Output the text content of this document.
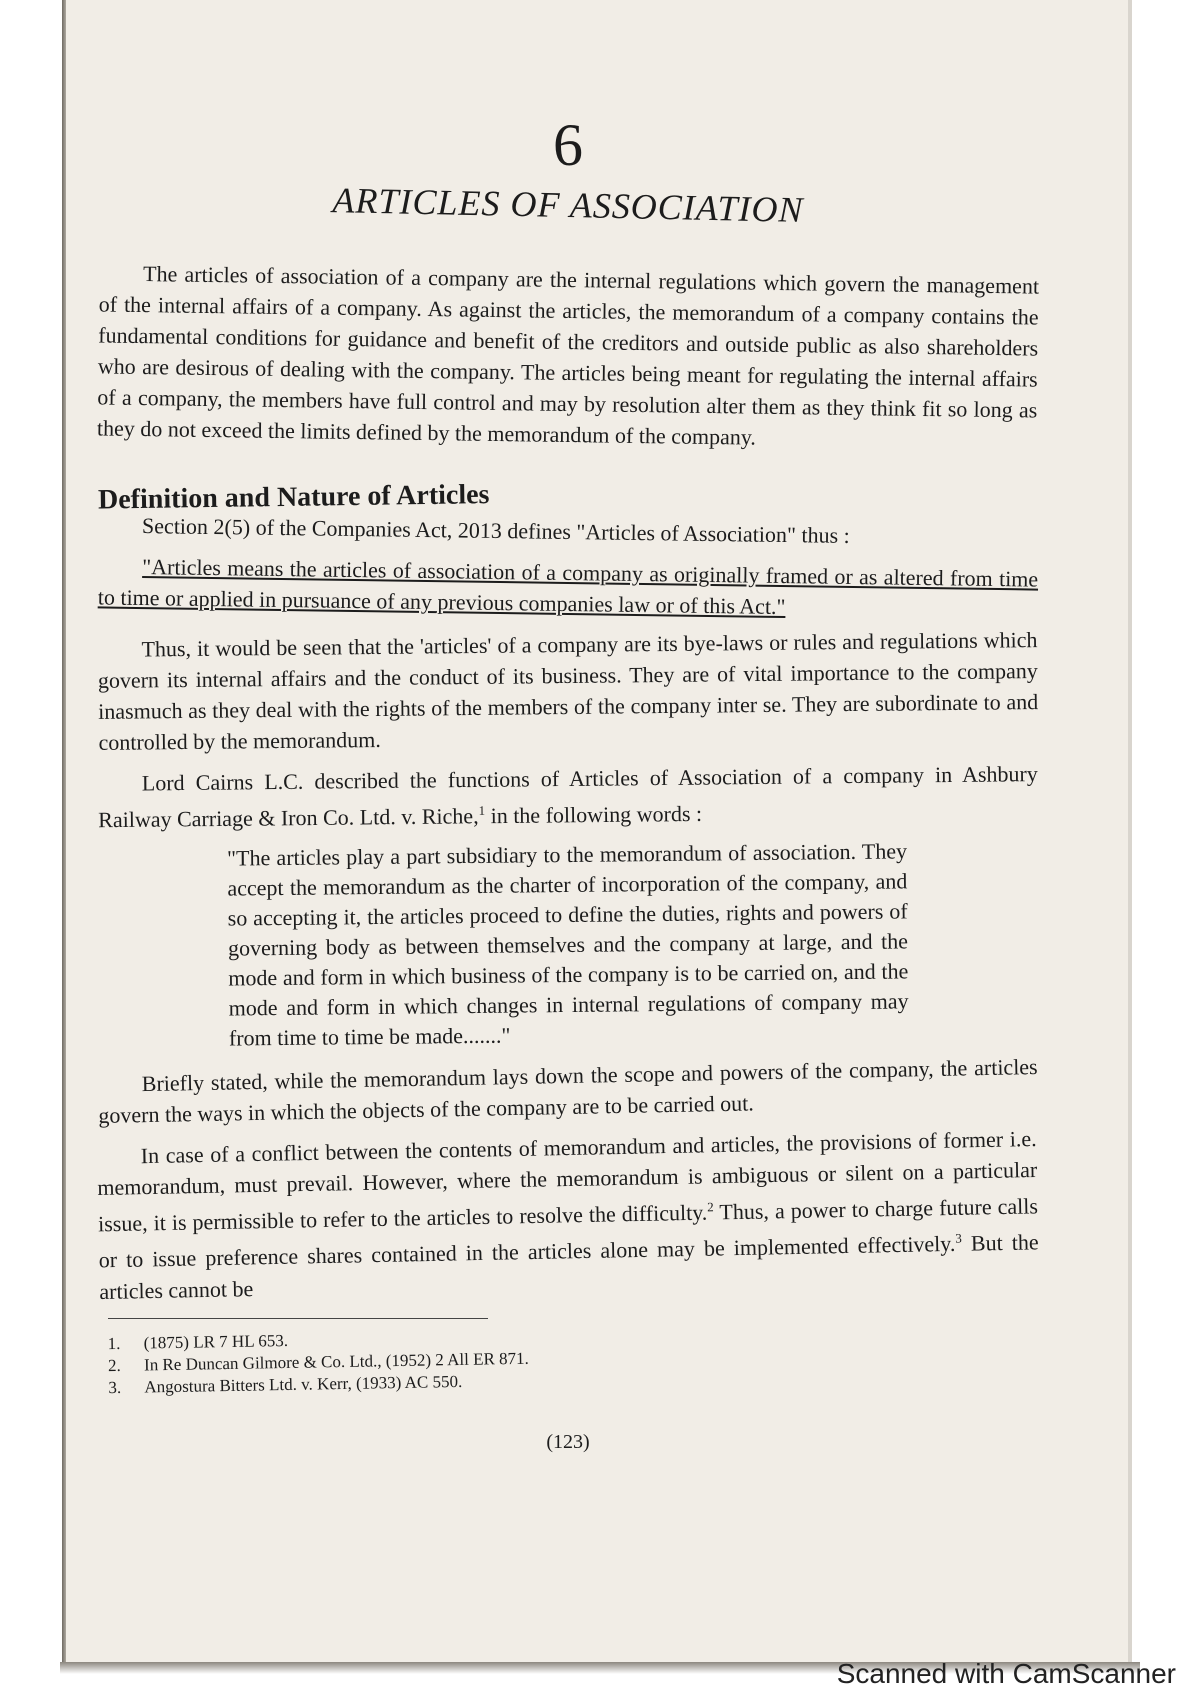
6
ARTICLES OF ASSOCIATION

The articles of association of a company are the internal regulations which govern the management of the internal affairs of a company. As against the articles, the memorandum of a company contains the fundamental conditions for guidance and benefit of the creditors and outside public as also shareholders who are desirous of dealing with the company. The articles being meant for regulating the internal affairs of a company, the members have full control and may by resolution alter them as they think fit so long as they do not exceed the limits defined by the memorandum of the company.

Definition and Nature of Articles

Section 2(5) of the Companies Act, 2013 defines "Articles of Association" thus :

"Articles means the articles of association of a company as originally framed or as altered from time to time or applied in pursuance of any previous companies law or of this Act."

Thus, it would be seen that the 'articles' of a company are its bye-laws or rules and regulations which govern its internal affairs and the conduct of its business. They are of vital importance to the company inasmuch as they deal with the rights of the members of the company inter se. They are subordinate to and controlled by the memorandum.

Lord Cairns L.C. described the functions of Articles of Association of a company in Ashbury Railway Carriage & Iron Co. Ltd. v. Riche,$^1$ in the following words :

"The articles play a part subsidiary to the memorandum of association. They accept the memorandum as the charter of incorporation of the company, and so accepting it, the articles proceed to define the duties, rights and powers of governing body as between themselves and the company at large, and the mode and form in which business of the company is to be carried on, and the mode and form in which changes in internal regulations of company may from time to time be made......."

Briefly stated, while the memorandum lays down the scope and powers of the company, the articles govern the ways in which the objects of the company are to be carried out.

In case of a conflict between the contents of memorandum and articles, the provisions of former i.e. memorandum, must prevail. However, where the memorandum is ambiguous or silent on a particular issue, it is permissible to refer to the articles to resolve the difficulty.$^2$ Thus, a power to charge future calls or to issue preference shares contained in the articles alone may be implemented effectively.$^3$ But the articles cannot be

1.	(1875) LR 7 HL 653.
2.	In Re Duncan Gilmore & Co. Ltd., (1952) 2 All ER 871.
3.	Angostura Bitters Ltd. v. Kerr, (1933) AC 550.
(123)
Scanned with CamScanner
